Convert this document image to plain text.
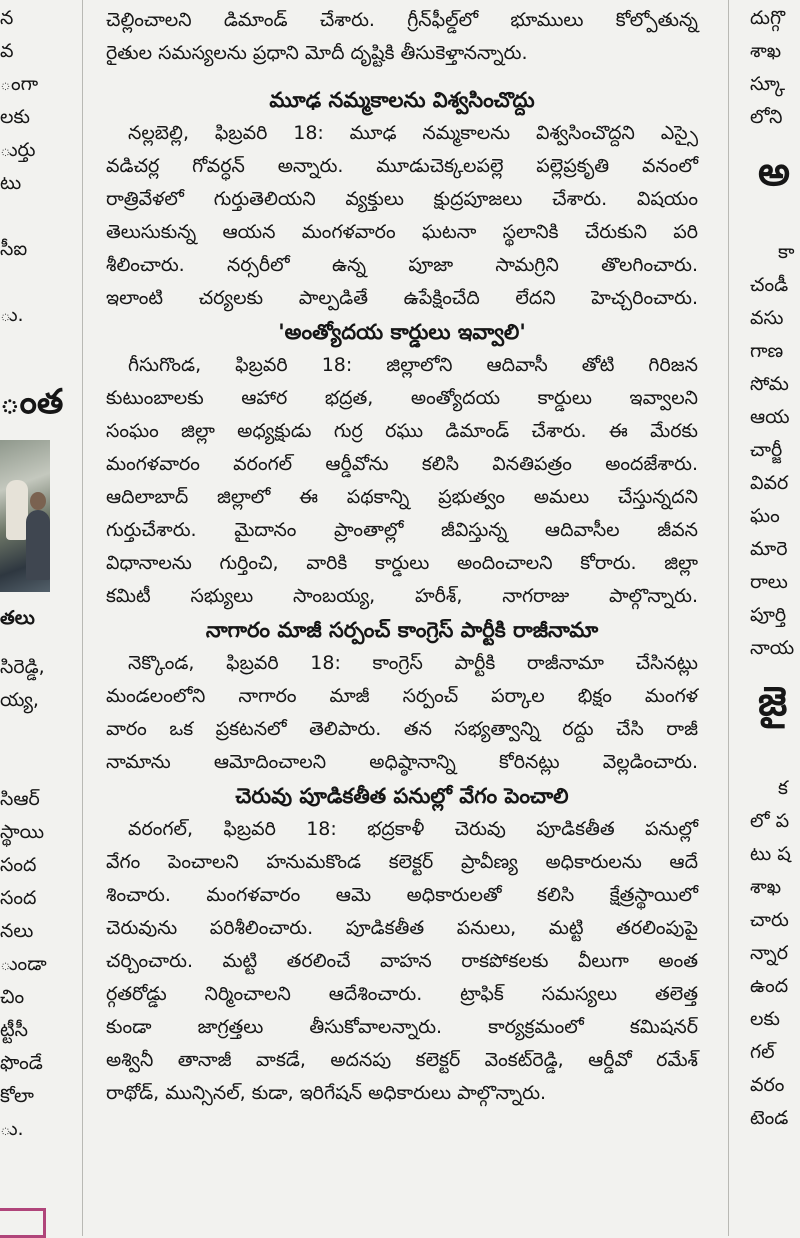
న
వ
ంగా
లకు
ుర్తు
టు
సీఐ
ు.
ంత
తలు
సిరెడ్డి,
య్య,
సిఆర్
స్థాయి
సంద
సంద
నలు
ుండా
చిం
ట్టీసీ
ఫొండే
కోలా
ు.
చెల్లించాలని డిమాండ్ చేశారు. గ్రీన్‌ఫీల్డ్‌లో భూములు కోల్పోతున్న
రైతుల సమస్యలను ప్రధాని మోదీ దృష్టికి తీసుకెళ్తానన్నారు.
మూఢ నమ్మకాలను విశ్వసించొద్దు
నల్లబెల్లి, ఫిబ్రవరి 18: మూఢ నమ్మకాలను విశ్వసించొద్దని ఎస్సై
వడిచర్ల గోవర్ధన్ అన్నారు. మూడుచెక్కలపల్లె పల్లెప్రకృతి వనంలో
రాత్రివేళలో గుర్తుతెలియని వ్యక్తులు క్షుద్రపూజలు చేశారు. విషయం
తెలుసుకున్న ఆయన మంగళవారం ఘటనా స్థలానికి చేరుకుని పరి
శీలించారు. నర్సరీలో ఉన్న పూజా సామగ్రిని తొలగించారు.
ఇలాంటి చర్యలకు పాల్పడితే ఉపేక్షించేది లేదని హెచ్చరించారు.
'అంత్యోదయ కార్డులు ఇవ్వాలి'
గీసుగొండ, ఫిబ్రవరి 18: జిల్లాలోని ఆదివాసీ తోటి గిరిజన
కుటుంబాలకు ఆహార భద్రత, అంత్యోదయ కార్డులు ఇవ్వాలని
సంఘం జిల్లా అధ్యక్షుడు గుర్ర రఘు డిమాండ్ చేశారు. ఈ మేరకు
మంగళవారం వరంగల్ ఆర్డీవోను కలిసి వినతిపత్రం అందజేశారు.
ఆదిలాబాద్ జిల్లాలో ఈ పథకాన్ని ప్రభుత్వం అమలు చేస్తున్నదని
గుర్తుచేశారు. మైదానం ప్రాంతాల్లో జీవిస్తున్న ఆదివాసీల జీవన
విధానాలను గుర్తించి, వారికి కార్డులు అందించాలని కోరారు. జిల్లా
కమిటీ సభ్యులు సాంబయ్య, హరీశ్, నాగరాజు పాల్గొన్నారు.
నాగారం మాజీ సర్పంచ్ కాంగ్రెస్ పార్టీకి రాజీనామా
నెక్కొండ, ఫిబ్రవరి 18: కాంగ్రెస్ పార్టీకి రాజీనామా చేసినట్లు
మండలంలోని నాగారం మాజీ సర్పంచ్ పర్కాల భిక్షం మంగళ
వారం ఒక ప్రకటనలో తెలిపారు. తన సభ్యత్వాన్ని రద్దు చేసి రాజీ
నామాను ఆమోదించాలని అధిష్ఠానాన్ని కోరినట్లు వెల్లడించారు.
చెరువు పూడికతీత పనుల్లో వేగం పెంచాలి
వరంగల్, ఫిబ్రవరి 18: భద్రకాళీ చెరువు పూడికతీత పనుల్లో
వేగం పెంచాలని హనుమకొండ కలెక్టర్ ప్రావీణ్య అధికారులను ఆదే
శించారు. మంగళవారం ఆమె అధికారులతో కలిసి క్షేత్రస్థాయిలో
చెరువును పరిశీలించారు. పూడికతీత పనులు, మట్టి తరలింపుపై
చర్చించారు. మట్టి తరలించే వాహన రాకపోకలకు వీలుగా అంత
ర్గతరోడ్డు నిర్మించాలని ఆదేశించారు. ట్రాఫిక్ సమస్యలు తలెత్త
కుండా జాగ్రత్తలు తీసుకోవాలన్నారు. కార్యక్రమంలో కమిషనర్
అశ్వినీ తానాజీ వాకడే, అదనపు కలెక్టర్ వెంకట్‌రెడ్డి, ఆర్డీవో రమేశ్
రాథోడ్, మున్సినల్, కుడా, ఇరిగేషన్ అధికారులు పాల్గొన్నారు.
దుగ్గొ
శాఖ
స్కూ
లోని
అ
కా
చండీ
వసు
గాణ
సోమ
ఆయ
చార్జీ
వివర
ఘం
మారె
రాలు
పూర్తి
నాయ
జై
క
లో ప
టు ష
శాఖ
చారు
న్నార
ఉంద
లకు
గల్
వరం
టెండ
